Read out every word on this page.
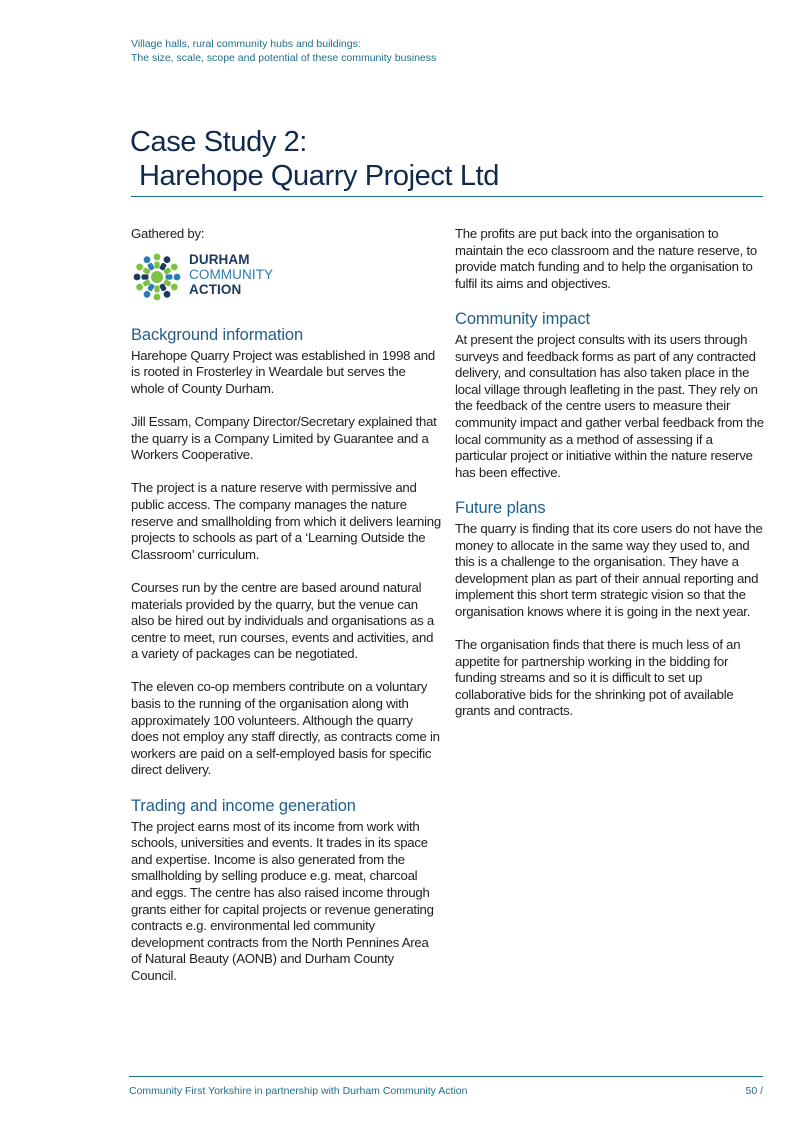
Village halls, rural community hubs and buildings:
The size, scale, scope and potential of these community business
Case Study 2:
Harehope Quarry Project Ltd
Gathered by:
DURHAM
COMMUNITY
ACTION
Background information

Harehope Quarry Project was established in 1998 and is rooted in Frosterley in Weardale but serves the whole of County Durham.

Jill Essam, Company Director/Secretary explained that the quarry is a Company Limited by Guarantee and a Workers Cooperative.

The project is a nature reserve with permissive and public access. The company manages the nature reserve and smallholding from which it delivers learning projects to schools as part of a ‘Learning Outside the Classroom’ curriculum.

Courses run by the centre are based around natural materials provided by the quarry, but the venue can also be hired out by individuals and organisations as a centre to meet, run courses, events and activities, and a variety of packages can be negotiated.

The eleven co-op members contribute on a voluntary basis to the running of the organisation along with approximately 100 volunteers. Although the quarry does not employ any staff directly, as contracts come in workers are paid on a self-employed basis for specific direct delivery.

Trading and income generation

The project earns most of its income from work with schools, universities and events. It trades in its space and expertise. Income is also generated from the smallholding by selling produce e.g. meat, charcoal and eggs. The centre has also raised income through grants either for capital projects or revenue generating contracts e.g. environmental led community development contracts from the North Pennines Area of Natural Beauty (AONB) and Durham County Council.

The profits are put back into the organisation to maintain the eco classroom and the nature reserve, to provide match funding and to help the organisation to fulfil its aims and objectives.

Community impact

At present the project consults with its users through surveys and feedback forms as part of any contracted delivery, and consultation has also taken place in the local village through leafleting in the past. They rely on the feedback of the centre users to measure their community impact and gather verbal feedback from the local community as a method of assessing if a particular project or initiative within the nature reserve has been effective.

Future plans

The quarry is finding that its core users do not have the money to allocate in the same way they used to, and this is a challenge to the organisation. They have a development plan as part of their annual reporting and implement this short term strategic vision so that the organisation knows where it is going in the next year.

The organisation finds that there is much less of an appetite for partnership working in the bidding for funding streams and so it is difficult to set up collaborative bids for the shrinking pot of available grants and contracts.

Community First Yorkshire in partnership with Durham Community Action	50 /
